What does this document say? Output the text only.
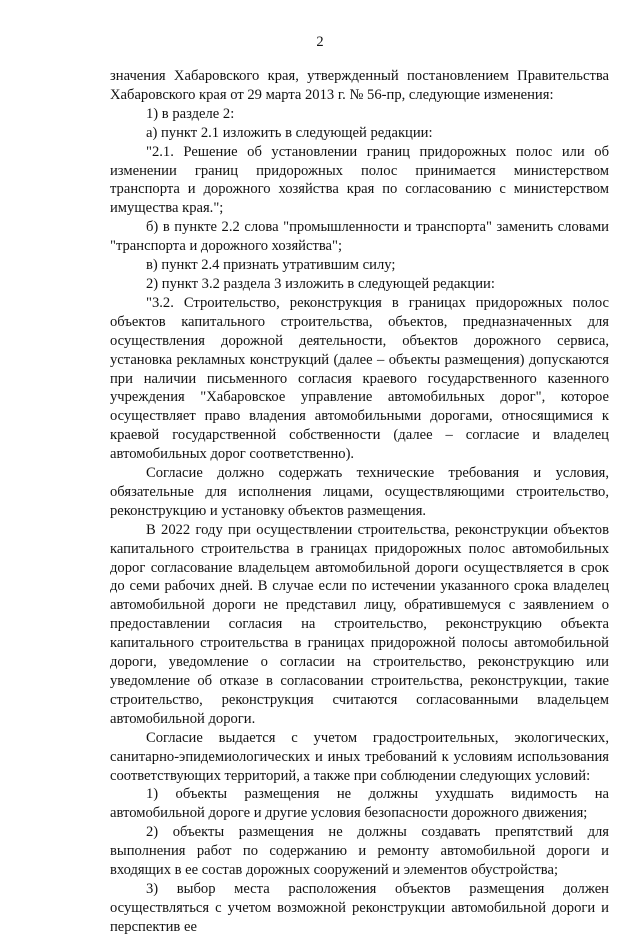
2

значения Хабаровского края, утвержденный постановлением Правительства Хабаровского края от 29 марта 2013 г. № 56-пр, следующие изменения:

1) в разделе 2:

а) пункт 2.1 изложить в следующей редакции:

"2.1. Решение об установлении границ придорожных полос или об изменении границ придорожных полос принимается министерством транспорта и дорожного хозяйства края по согласованию с министерством имущества края.";

б) в пункте 2.2 слова "промышленности и транспорта" заменить словами "транспорта и дорожного хозяйства";

в) пункт 2.4 признать утратившим силу;

2) пункт 3.2 раздела 3 изложить в следующей редакции:

"3.2. Строительство, реконструкция в границах придорожных полос объектов капитального строительства, объектов, предназначенных для осуществления дорожной деятельности, объектов дорожного сервиса, установка рекламных конструкций (далее – объекты размещения) допускаются при наличии письменного согласия краевого государственного казенного учреждения "Хабаровское управление автомобильных дорог", которое осуществляет право владения автомобильными дорогами, относящимися к краевой государственной собственности (далее – согласие и владелец автомобильных дорог соответственно).

Согласие должно содержать технические требования и условия, обязательные для исполнения лицами, осуществляющими строительство, реконструкцию и установку объектов размещения.

В 2022 году при осуществлении строительства, реконструкции объектов капитального строительства в границах придорожных полос автомобильных дорог согласование владельцем автомобильной дороги осуществляется в срок до семи рабочих дней. В случае если по истечении указанного срока владелец автомобильной дороги не представил лицу, обратившемуся с заявлением о предоставлении согласия на строительство, реконструкцию объекта капитального строительства в границах придорожной полосы автомобильной дороги, уведомление о согласии на строительство, реконструкцию или уведомление об отказе в согласовании строительства, реконструкции, такие строительство, реконструкция считаются согласованными владельцем автомобильной дороги.

Согласие выдается с учетом градостроительных, экологических, санитарно-эпидемиологических и иных требований к условиям использования соответствующих территорий, а также при соблюдении следующих условий:

1) объекты размещения не должны ухудшать видимость на автомобильной дороге и другие условия безопасности дорожного движения;

2) объекты размещения не должны создавать препятствий для выполнения работ по содержанию и ремонту автомобильной дороги и входящих в ее состав дорожных сооружений и элементов обустройства;

3) выбор места расположения объектов размещения должен осуществляться с учетом возможной реконструкции автомобильной дороги и перспектив ее
